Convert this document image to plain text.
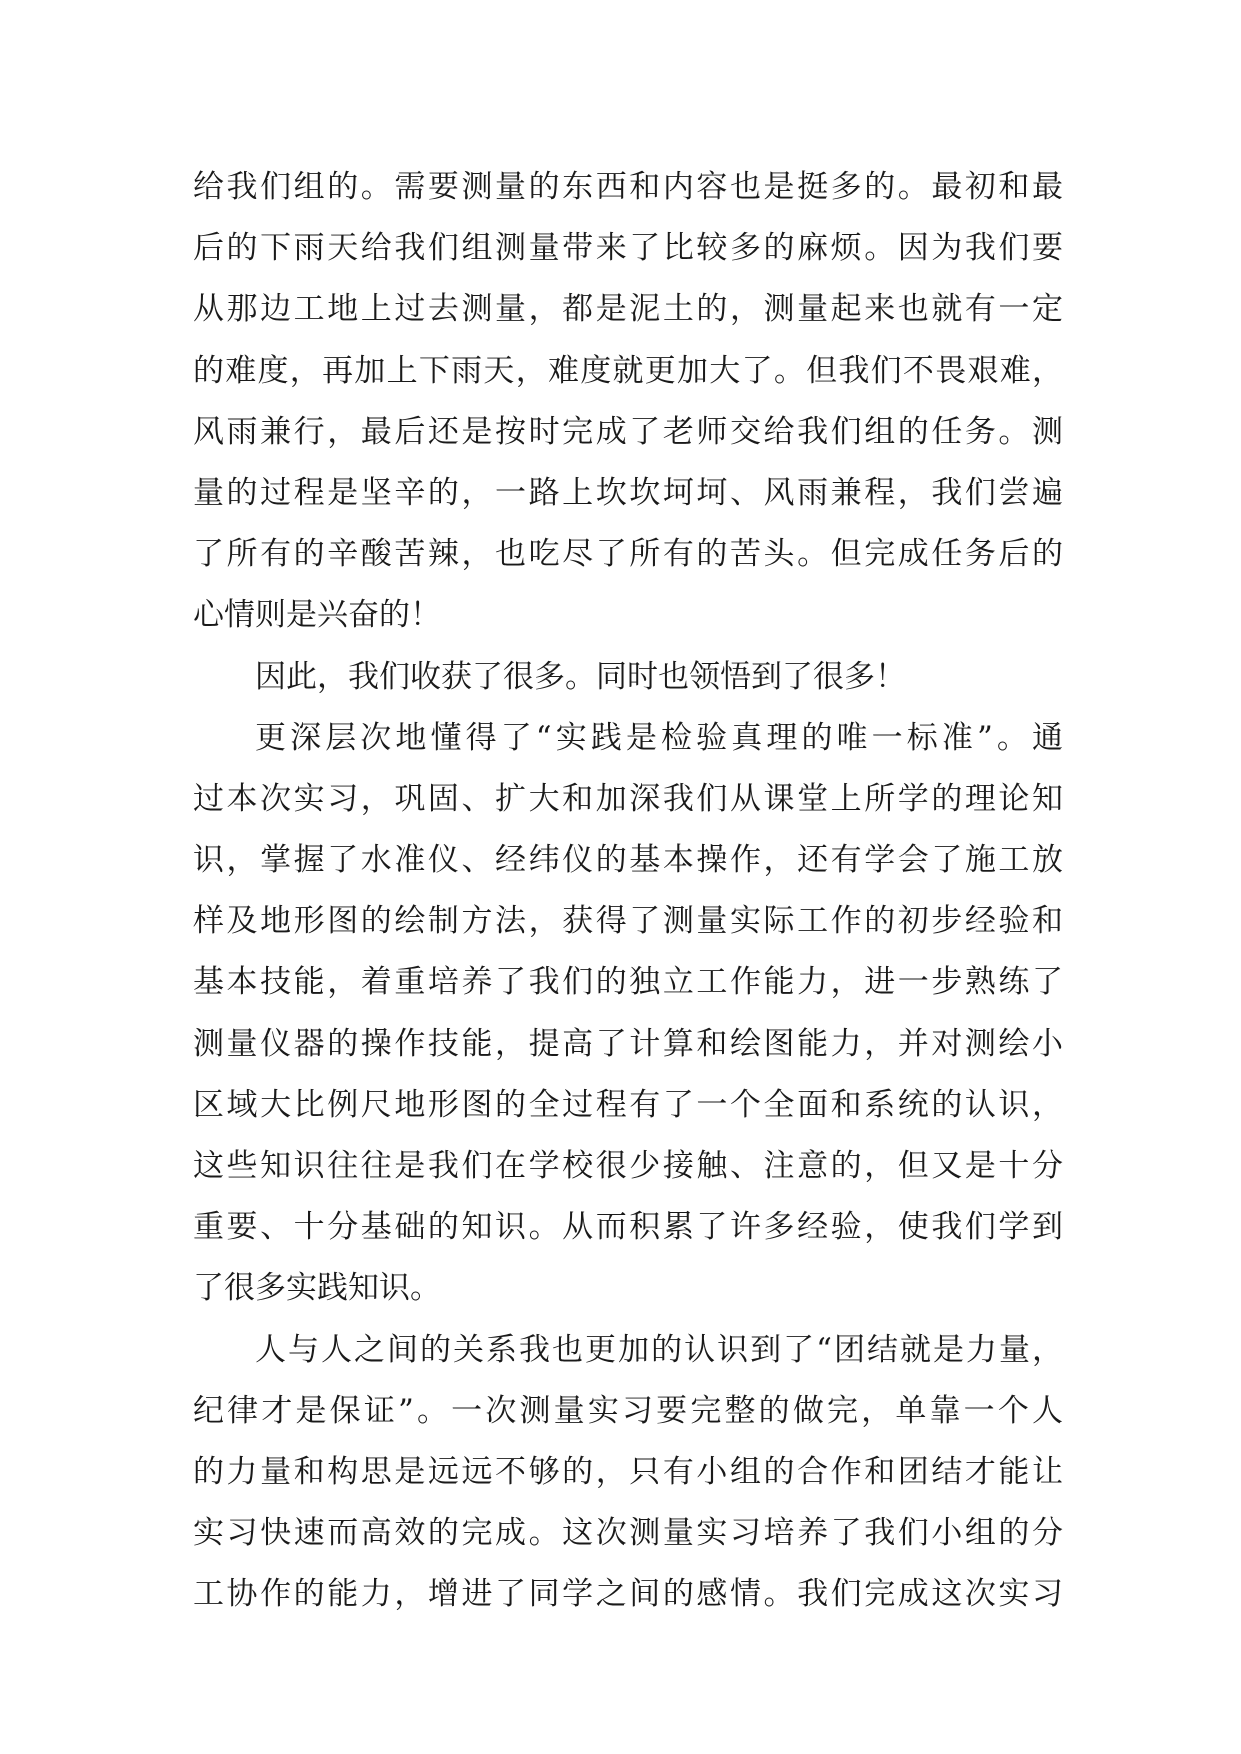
给我们组的。需要测量的东西和内容也是挺多的。最初和最
后的下雨天给我们组测量带来了比较多的麻烦。因为我们要
从那边工地上过去测量，都是泥土的，测量起来也就有一定
的难度，再加上下雨天，难度就更加大了。但我们不畏艰难，
风雨兼行，最后还是按时完成了老师交给我们组的任务。测
量的过程是坚辛的，一路上坎坎坷坷、风雨兼程，我们尝遍
了所有的辛酸苦辣，也吃尽了所有的苦头。但完成任务后的
心情则是兴奋的！
因此，我们收获了很多。同时也领悟到了很多！
更深层次地懂得了“实践是检验真理的唯一标准”。通
过本次实习，巩固、扩大和加深我们从课堂上所学的理论知
识，掌握了水准仪、经纬仪的基本操作，还有学会了施工放
样及地形图的绘制方法，获得了测量实际工作的初步经验和
基本技能，着重培养了我们的独立工作能力，进一步熟练了
测量仪器的操作技能，提高了计算和绘图能力，并对测绘小
区域大比例尺地形图的全过程有了一个全面和系统的认识，
这些知识往往是我们在学校很少接触、注意的，但又是十分
重要、十分基础的知识。从而积累了许多经验，使我们学到
了很多实践知识。
人与人之间的关系我也更加的认识到了“团结就是力量，
纪律才是保证”。一次测量实习要完整的做完，单靠一个人
的力量和构思是远远不够的，只有小组的合作和团结才能让
实习快速而高效的完成。这次测量实习培养了我们小组的分
工协作的能力，增进了同学之间的感情。我们完成这次实习
